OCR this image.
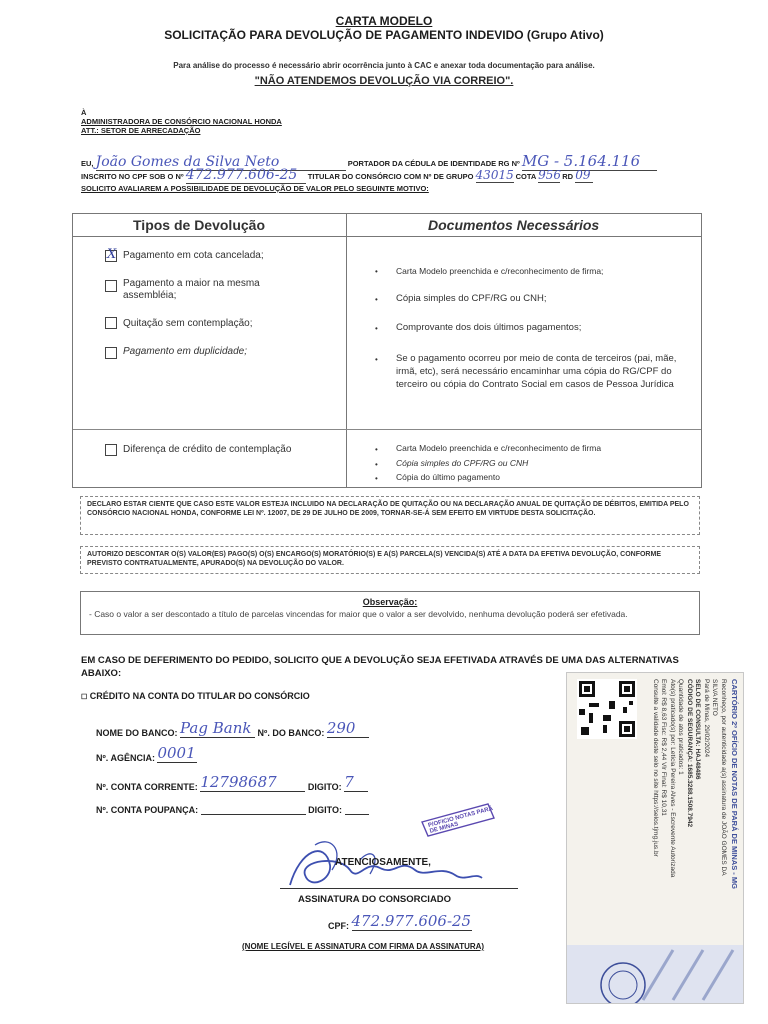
CARTA MODELO
SOLICITAÇÃO PARA DEVOLUÇÃO DE PAGAMENTO INDEVIDO (Grupo Ativo)
Para análise do processo é necessário abrir ocorrência junto à CAC e anexar toda documentação para análise.
"NÃO ATENDEMOS DEVOLUÇÃO VIA CORREIO".
À
ADMINISTRADORA DE CONSÓRCIO NACIONAL HONDA
ATT.: SETOR DE ARRECADAÇÃO
EU, João Gomes da Silva Neto	PORTADOR DA CÉDULA DE IDENTIDADE RG Nº MG - 5.164.116
INSCRITO NO CPF SOB O Nº 472.977.606-25 TITULAR DO CONSÓRCIO COM Nº DE GRUPO 43015 COTA 956 RD 09
SOLICITO AVALIAREM A POSSIBILIDADE DE DEVOLUÇÃO DE VALOR PELO SEGUINTE MOTIVO:
Tipos de Devolução	Documentos Necessários
X Pagamento em cota cancelada;
Pagamento a maior na mesma assembléia;
Quitação sem contemplação;
Pagamento em duplicidade;
• Carta Modelo preenchida e c/reconhecimento de firma;
• Cópia simples do CPF/RG ou CNH;
• Comprovante dos dois últimos pagamentos;
• Se o pagamento ocorreu por meio de conta de terceiros (pai, mãe, irmã, etc), será necessário encaminhar uma cópia do RG/CPF do terceiro ou cópia do Contrato Social em casos de Pessoa Jurídica
Diferença de crédito de contemplação	• Carta Modelo preenchida e c/reconhecimento de firma
• Cópia simples do CPF/RG ou CNH
• Cópia do último pagamento
DECLARO ESTAR CIENTE QUE CASO ESTE VALOR ESTEJA INCLUIDO NA DECLARAÇÃO DE QUITAÇÃO OU NA DECLARAÇÃO ANUAL DE QUITAÇÃO DE DÉBITOS, EMITIDA PELO CONSÓRCIO NACIONAL HONDA, CONFORME LEI Nº. 12007, DE 29 DE JULHO DE 2009, TORNAR-SE-Á SEM EFEITO EM VIRTUDE DESTA SOLICITAÇÃO.
AUTORIZO DESCONTAR O(S) VALOR(ES) PAGO(S) O(S) ENCARGO(S) MORATÓRIO(S) E A(S) PARCELA(S) VENCIDA(S) ATÉ A DATA DA EFETIVA DEVOLUÇÃO, CONFORME PREVISTO CONTRATUALMENTE, APURADO(S) NA DEVOLUÇÃO DO VALOR.
Observação:
- Caso o valor a ser descontado a título de parcelas vincendas for maior que o valor a ser devolvido, nenhuma devolução poderá ser efetivada.
EM CASO DE DEFERIMENTO DO PEDIDO, SOLICITO QUE A DEVOLUÇÃO SEJA EFETIVADA ATRAVÉS DE UMA DAS ALTERNATIVAS ABAIXO:
☐ CRÉDITO NA CONTA DO TITULAR DO CONSÓRCIO
NOME DO BANCO: Pag Bank Nº. DO BANCO: 290
Nº. AGÊNCIA: 0001
Nº. CONTA CORRENTE: 12798687	DIGITO: 7
Nº. CONTA POUPANÇA:	DIGITO:
ATENCIOSAMENTE,
ASSINATURA DO CONSORCIADO
CPF: 472.977.606-25
(NOME LEGÍVEL E ASSINATURA COM FIRMA DA ASSINATURA)
P/OFICIO NOTAS PARÁ DE MINAS	CARTÓRIO 2º OFÍCIO DE NOTAS DE PARÁ DE MINAS - MG
Reconheço, por autenticidade a(s) assinatura de JOÃO GOMES DA
SILVA NETO
Pará de Minas, 29/02/2024
SELO DE CONSULTA: HAJ48486
CÓDIGO DE SEGURANÇA: 1685.3288.1508.7942
Quantidade de atos praticados: 1
Ato(s) praticado(s) por: Letícia Pereira Alves - Escrevente Autorizada
Emol: R$ 8,63 Fisc: R$ 2,44 Vlr Final: R$ 10,31
Consulte a validade deste selo no site https://selos.tjmg.jus.br
